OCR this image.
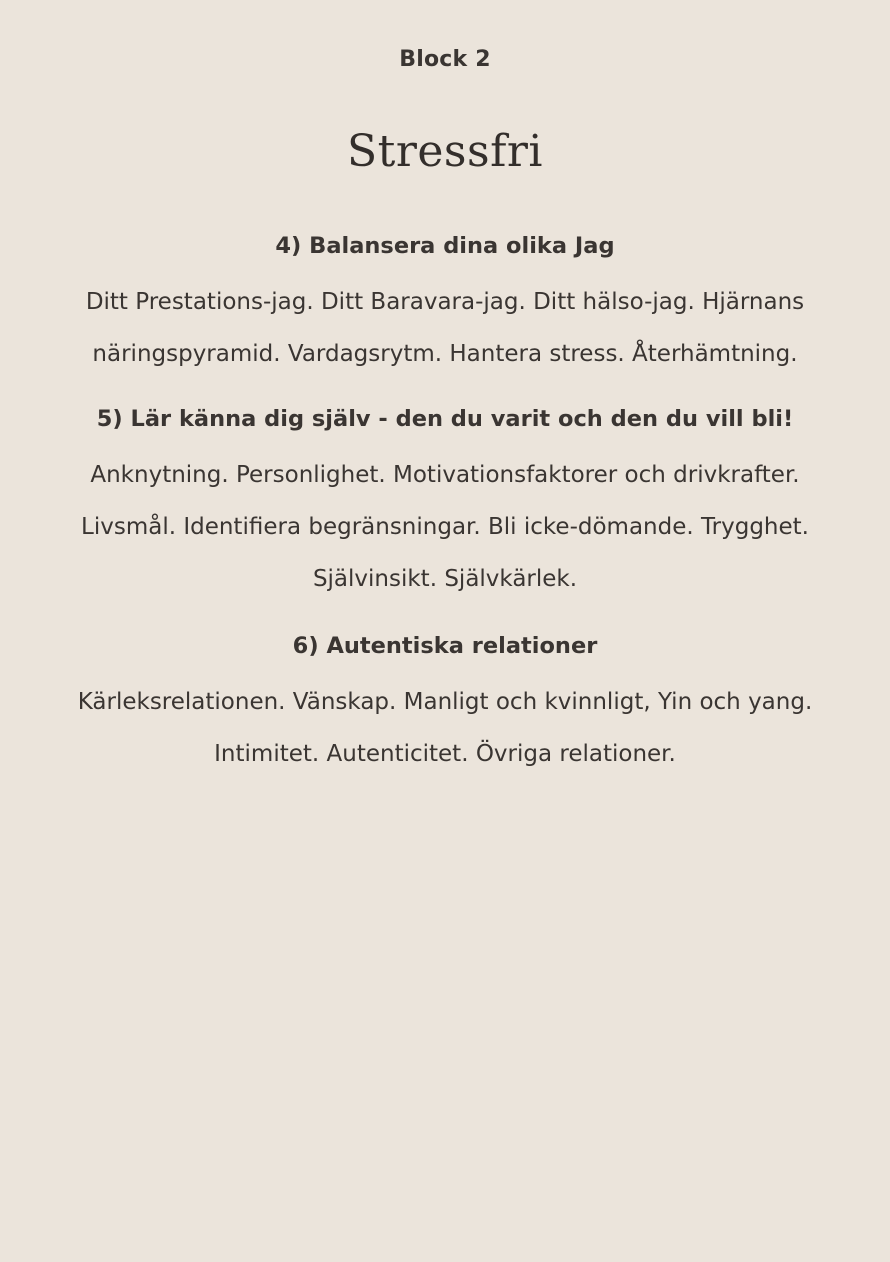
Block 2
Stressfri
4) Balansera dina olika Jag

Ditt Prestations-jag. Ditt Baravara-jag. Ditt hälso-jag. Hjärnans
näringspyramid. Vardagsrytm. Hantera stress. Återhämtning.

5) Lär känna dig själv - den du varit och den du vill bli!

Anknytning. Personlighet. Motivationsfaktorer och drivkrafter.
Livsmål. Identifiera begränsningar. Bli icke-dömande. Trygghet.
Självinsikt. Självkärlek.

6) Autentiska relationer

Kärleksrelationen. Vänskap. Manligt och kvinnligt, Yin och yang.
Intimitet. Autenticitet. Övriga relationer.
